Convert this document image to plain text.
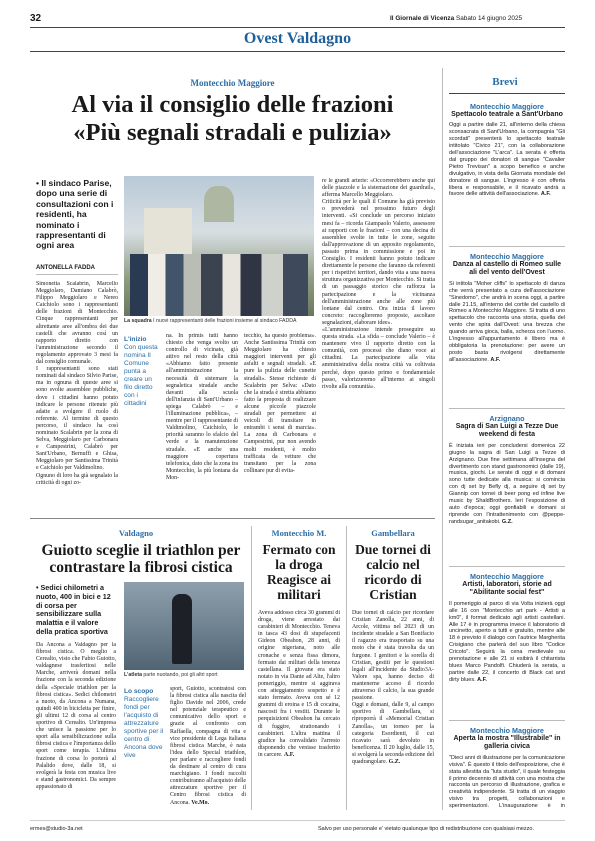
32	Il Giornale di Vicenza Sabato 14 giugno 2025
Ovest Valdagno
Montecchio Maggiore
Al via il consiglio delle frazioni
«Più segnali stradali e pulizia»
• Il sindaco Parise, dopo una serie di consultazioni con i residenti, ha nominato i rappresentanti di ogni area
ANTONELLA FADDA
La squadra I nuovi rappresentanti delle frazioni insieme al sindaco FADDA

Simonetta Scalabrin, Marcello Meggiolaro, Damiano Calabrò, Filippo Meggiolaro e Nereo Caichiolo sono i rappresentanti delle frazioni di Montecchio. Cinque rappresentanti per altrettante aree all'ombra dei due castelli che avranno così un rapporto diretto con l'amministrazione secondo il regolamento approvato 3 mesi fa dal consiglio comunale.
I rappresentanti sono stati nominati dal sindaco Silvio Parise, ma in ognuna di queste aree si sono svolte assemblee pubbliche, dove i cittadini hanno potuto indicare le persone ritenute più adatte a svolgere il ruolo di referente. Al termine di questo percorso, il sindaco ha così nominato Scalabrin per la zona di Selva, Meggiolaro per Carbonara e Campestrini, Calabrò per Sant'Urbano, Bernuffi e Ghisa, Meggiolaro per Santissima Trinità e Caichiolo per Valdimolino.
Ognuno di loro ha già segnalato la criticità di ogni zo-

L'inizio
Con questa nomina Il Comune punta a creare un filo diretto con i cittadini

na. In primis tutti hanno chiesto che venga svolto un controllo di vicinato, già attivo nel resto della città «Abbiamo fatto presente all'amministrazione la necessità di sistemare la segnaletica stradale anche davanti alla scuola dell'infanzia di Sant'Urbano – spiega Calabrò – e l'illuminazione pubblica», – mentre per il rappresentante di Valdimolino, Caichiolo, le priorità saranno lo sfalcio del verde e la manutenzione stradale. «E anche una maggiore copertura telefonica, dato che la zona tra Montecchio, la più lontana da Mon-

tecchio, ha questo problema». Anche Santissima Trinità con Meggiolaro ha chiesto maggiori interventi per gli asfalti e segnali stradali. «E pure la pulizia delle cunette stradali». Stesse richieste di Scalabrin per Selva: «Dato che la strada è stretta abbiamo fatto la proposta di realizzare alcune piccole piazzole stradali per permettere ai veicoli di transitare in entrambi i sensi di marcia». La zona di Carbonara e Campestrini, pur non avendo molti residenti, è molto trafficata da vetture che transitano per la zona collinare pur di evita-

re le grandi arterie: «Occorrerebbero anche qui delle piazzole e la sistemazione dei guardrail», afferma Marcello Meggiolaro.
Criticità per le quali il Comune ha già previsto o prevederà nel prossimo futuro degli interventi. «Si conclude un percorso iniziato mesi fa – ricorda Giampaolo Valerio, assessore ai rapporti con le frazioni – con una decina di assemblee svolte in tutte le zone, seguite dall'approvazione di un apposito regolamento, passato prima in commissione e poi in Consiglio. I residenti hanno potuto indicare direttamente le persone che faranno da referenti per i rispettivi territori, dando vita a una nuova struttura organizzativa per Montecchio. Si tratta di un passaggio storico che rafforza la partecipazione e la vicinanza dell'amministrazione anche alle zone più lontane dal centro. Ora inizia il lavoro concreto: raccoglieremo proposte, ascoltare segnalazioni, elaborare idee».
«L'amministrazione intende proseguire su questa strada. «La sfida – conclude Valerio – è mantenere vivo il rapporto diretto con la comunità, con processi che diano voce ai cittadini. La partecipazione alla vita amministrativa della nostra città va coltivata perché, dopo questo primo e fondamentale passo, valorizzeremo all'interno ai singoli rivolte alla comunità».

Valdagno
Guiotto sceglie il triathlon per contrastare la fibrosi cistica
• Sedici chilometri a nuoto, 400 in bici e 12 di corsa per sensibilizzare sulla malattia e il valore della pratica sportiva
L'atleta parte nuotando, poi gli altri sport

Da Ancona a Valdagno per la fibrosi cistica. O meglio a Cerealto, visto che Fabio Guiotto, valdagnese trasferitosi nelle Marche, arriverà domani nella frazione con la seconda edizione della «Speciale triathlon per la fibrosi cistica». Sedici chilometri a nuoto, da Ancona a Numana, quindi 400 in bicicletta per finire, gli ultimi 12 di corsa al centro sportivo di Cerealto. Un'impresa che unisce la passione per lo sport alla sensibilizzazione sulla fibrosi cistica e l'importanza dello sport come terapia. L'ultima frazione di corsa lo porterà al Palalido dove, dalle 18, si svolgerà la festa con musica live e stand gastronomici. Da sempre appassionato di

Lo scopo
Raccogliere fondi per l'acquisto di attrezzature sportive per il centro di Ancona dove vive
sport, Guiotto, scontratosi con la fibrosi cistica alla nascita del figlio Davide nel 2006, crede nel potenziale terapeutico e comunicativo dello sport e grazie al confronto con Raffaella, compagna di vita e vice presidente di Lega italiana fibrosi cistica Marche, è nata l'idea dello Special triathlon, per parlare e raccogliere fondi da destinare al centro di cura marchigiano. I fondi raccolti contribuiranno all'acquisto delle attrezzature sportive per il Centro fibrosi cistica di Ancona. Ve.Mo.
Montecchio M.
Fermato con la droga Reagisce ai militari
Aveva addosso circa 30 grammi di droga, viene arrestato dai carabinieri di Montecchio. Teneva in tasca 43 dosi di stupefacenti Gideon Obeahon, 28 anni, di origine nigeriana, noto alle cronache e senza fissa dimora, fermato dai militari della tenenza castellana. Il giovane era stato notato in via Dante ad Alte, l'altro pomeriggio, mentre si aggirava con atteggiamento sospetto e è stato fermato. Aveva con sé 12 grammi di eroina e 15 di cocaina, nascosti fra i vestiti. Durante le perquisizioni Obeahon ha cercato di fuggire, strattonando i carabinieri. L'altra mattina il giudice ha convalidato l'arresto disponendo che venisse trasferito in carcere. A.F.
Gambellara
Due tornei di calcio nel ricordo di Cristian
Due tornei di calcio per ricordare Cristian Zanolla, 22 anni, di Arcole, vittima nel 2023 di un incidente stradale a San Bonifacio il ragazzo era trasportato su una moto che è stata travolta da un furgone. I genitori e la sorella di Cristian, gestiti per le questioni legali all'incidente da Studio3A-Valore spa, hanno deciso di mantenerne acceso il ricordo attraverso il calcio, la sua grande passione.
Oggi e domani, dalle 9, al campo sportivo di Gambellara, si riproporrà il «Memorial Cristian Zanolla», un torneo per la categoria Esordienti, il cui ricavato sarà devoluto in beneficenza. Il 20 luglio, dalle 15, si svolgerà la seconda edizione del quadrangolare. G.Z.
Brevi
Montecchio Maggiore
Spettacolo teatrale a Sant'Urbano
Oggi a partire dalle 21, all'interno della chiesa sconsacrata di Sant'Urbano, la compagnia "Gli scordati" presenterà lo spettacolo teatrale intitolato "Civico 21", con la collaborazione dell'associazione "L'arca". La serata è offerta dal gruppo dei donatori di sangue "Cavalier Pietro Trevisan" a scopo benefico e anche divulgativo, in vista della Giornata mondiale del donatore di sangue. L'ingresso è con offerta libera e responsabile, e il ricavato andrà a favore delle attività dell'associazione. A.F.
Montecchio Maggiore
Danza al castello di Romeo sulle ali del vento dell'Ovest
Si intitola "Moher cliffs" lo spettacolo di danza che verrà presentato a cura dell'associazione "Sinedomo", che andrà in scena oggi, a partire dalle 21.15, all'interno del cortile del castello di Romeo a Montecchio Maggiore. Si tratta di uno spettacolo che racconta una storia, quella del vento che spira dall'Ovest: una brezza che quando arriva gioca, balla, scherza con l'uomo. L'ingresso all'appuntamento è libero ma è obbligatoria la prenotazione: per avere un posto basta rivolgersi direttamente all'associazione. A.F.
Arzignano
Sagra di San Luigi a Tezze Due weekend di festa
È iniziata ieri per concludersi domenica 22 giugno la sagra di San Luigi a Tezze di Arzignano. Due fine settimana all'insegna del divertimento con stand gastronomici (dalle 19), musica, giochi. Le serate di oggi e di domani sono tutte dedicate alla musica: si comincia con dj set by Befly dj, a seguire dj set by Giannip con tornei di beer pong ed infine live music by ShaldBrothers. Ieri l'esposizione di auto d'epoca; oggi gonfiabili e domani si riprende con l'intrattenimento con @peppe-randsugar_anitakobi. G.Z.
Montecchio Maggiore
Artisti, laboratori, storie ad "Abilitante social fest"
Il pomeriggio al parco di via Volta inizierà oggi alle 16 con "Montecchio art park - Artisti a km0", il format dedicato agli artisti castellani. Alle 17 è in programma invece il laboratorio di uncinetto, aperto a tutti e gratuito, mentre alle 18 è previsto il dialogo con l'autrice Margherita Crisigiano che parlerà del suo libro "Codice Cricoto". Seguirà la cena medievale su prenotazione e alle 21 si esibirà il chitarrista blues Marco Pandolfi. Chiuderà la serata, a partire dalle 22, il concerto di Black cat and dirty blues. A.F.
Montecchio Maggiore
Aperta la mostra "Illustrabile" in galleria civica
"Dieci anni di illustrazione per la comunicazione visiva". È questo il titolo dell'esposizione, che è stata allestita da "luta studio", il quale festeggia il primo decennio di attività con una mostra che racconta un percorso di illustrazione, grafica e creatività indipendente. Si tratta di un viaggio visivo tra progetti, collaborazioni e sperimentazioni. L'inaugurazione è in
ermes@studio-3a.net	Salvo per uso personale e' vietato qualunque tipo di redistribuzione con qualsiasi mezzo.
